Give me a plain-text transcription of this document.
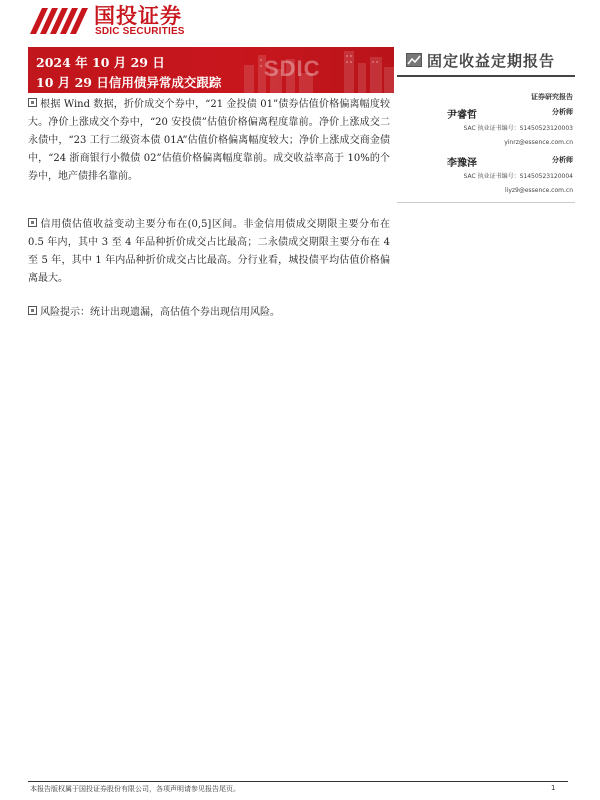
国投证券
SDIC SECURITIES
SDIC
2024 年 10 月 29 日
10 月 29 日信用债异常成交跟踪
固定收益定期报告
证券研究报告
尹睿哲	分析师
SAC 执业证书编号：S1450523120003
yinrz@essence.com.cn
李豫泽	分析师
SAC 执业证书编号：S1450523120004
liyz9@essence.com.cn
根据 Wind 数据，折价成交个券中，“21 金投债 01”债券估值价格偏离幅度较大。净价上涨成交个券中，“20 安投债”估值价格偏离程度靠前。净价上涨成交二永债中，“23 工行二级资本债 01A”估值价格偏离幅度较大；净价上涨成交商金债中，“24 浙商银行小微债 02”估值价格偏离幅度靠前。成交收益率高于 10%的个券中，地产债排名靠前。
信用债估值收益变动主要分布在(0,5]区间。非金信用债成交期限主要分布在 0.5 年内，其中 3 至 4 年品种折价成交占比最高；二永债成交期限主要分布在 4 至 5 年，其中 1 年内品种折价成交占比最高。分行业看，城投债平均估值价格偏离最大。
风险提示：统计出现遗漏，高估值个券出现信用风险。
本报告版权属于国投证券股份有限公司，各项声明请参见报告尾页。	1
